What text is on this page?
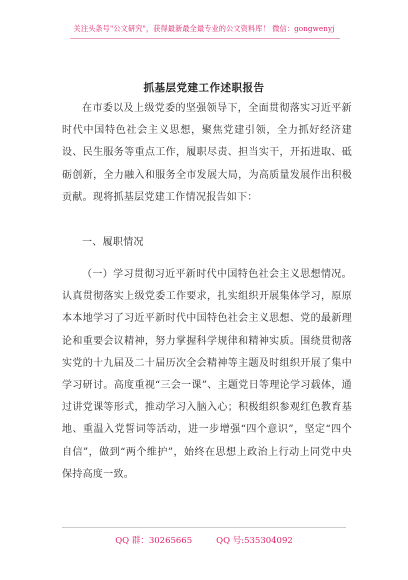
关注头条号"公文研究"，获得最新最全最专业的公文资料库！ 微信：gongwenyj
抓基层党建工作述职报告
在市委以及上级党委的坚强领导下，全面贯彻落实习近平新时代中国特色社会主义思想，聚焦党建引领，全力抓好经济建设、民生服务等重点工作，履职尽责、担当实干，开拓进取、砥砺创新，全力融入和服务全市发展大局，为高质量发展作出积极贡献。现将抓基层党建工作情况报告如下：
一、履职情况
（一）学习贯彻习近平新时代中国特色社会主义思想情况。认真贯彻落实上级党委工作要求，扎实组织开展集体学习，原原本本地学习了习近平新时代中国特色社会主义思想、党的最新理论和重要会议精神，努力掌握科学规律和精神实质。围绕贯彻落实党的十九届及二十届历次全会精神等主题及时组织开展了集中学习研讨。高度重视“三会一课”、主题党日等理论学习载体，通过讲党课等形式，推动学习入脑入心；积极组织参观红色教育基地、重温入党誓词等活动，进一步增强“四个意识”，坚定“四个自信”，做到“两个维护”，始终在思想上政治上行动上同党中央保持高度一致。
QQ 群：30265665	QQ 号:535304092
